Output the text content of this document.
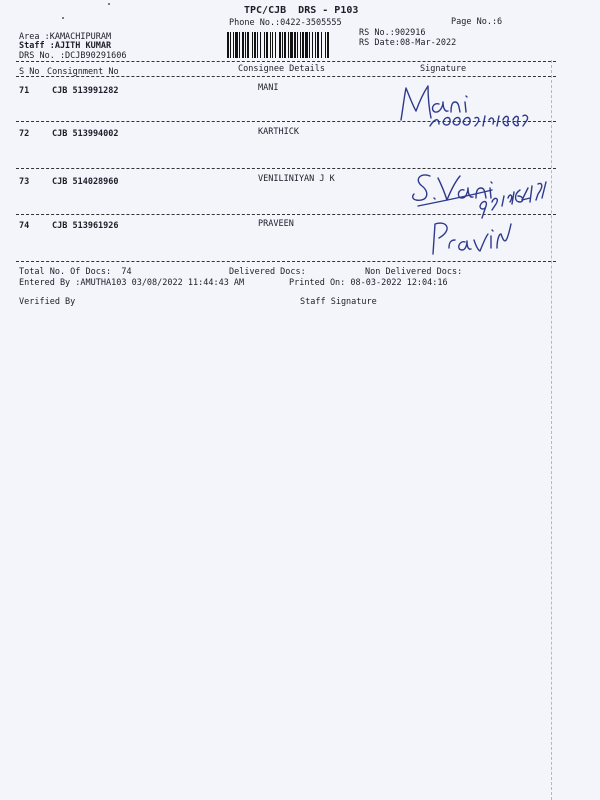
TPC/CJB  DRS - P103
Phone No.:0422-3505555	Page No.:6
Area :KAMACHIPURAM
Staff :AJITH KUMAR
DRS No. :DCJB90291606
RS No.:902916
RS Date:08-Mar-2022
S No Consignment No	Consignee Details	Signature
71	CJB 513991282	MANI
72	CJB 513994002	KARTHICK
73	CJB 514028960	VENILINIYAN J K
74	CJB 513961926	PRAVEEN
Total No. Of Docs:  74	Delivered Docs:	Non Delivered Docs:
Entered By :AMUTHA103 03/08/2022 11:44:43 AM	Printed On: 08-03-2022 12:04:16
Verified By	Staff Signature
